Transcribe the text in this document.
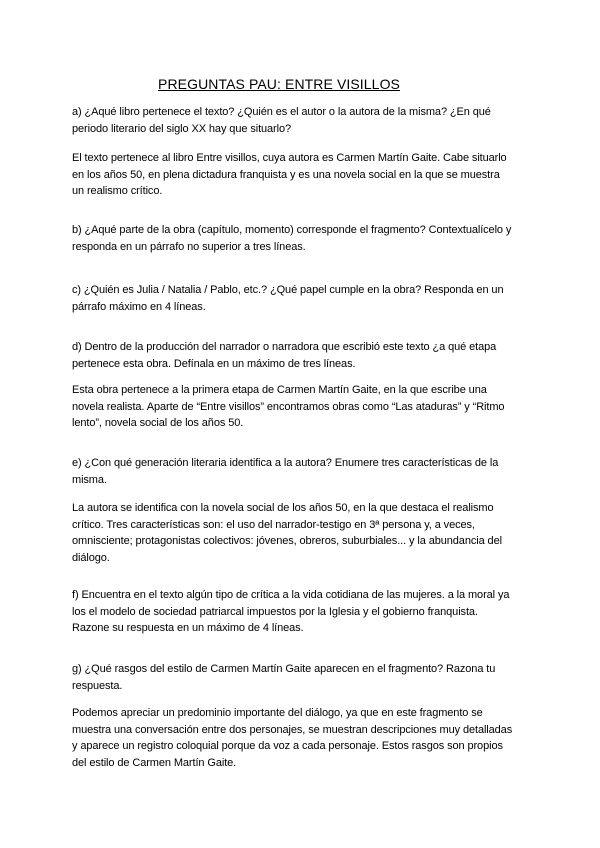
PREGUNTAS PAU: ENTRE VISILLOS
a) ¿Aqué libro pertenece el texto? ¿Quién es el autor o la autora de la misma? ¿En qué
periodo literario del siglo XX hay que situarlo?
El texto pertenece al libro Entre visillos, cuya autora es Carmen Martín Gaite. Cabe situarlo
en los años 50, en plena dictadura franquista y es una novela social en la que se muestra
un realismo crítico.
b) ¿Aqué parte de la obra (capítulo, momento) corresponde el fragmento? Contextualícelo y
responda en un párrafo no superior a tres líneas.
c) ¿Quién es Julia / Natalia / Pablo, etc.? ¿Qué papel cumple en la obra? Responda en un
párrafo máximo en 4 líneas.
d) Dentro de la producción del narrador o narradora que escribió este texto ¿a qué etapa
pertenece esta obra. Defínala en un máximo de tres líneas.
Esta obra pertenece a la primera etapa de Carmen Martín Gaite, en la que escribe una
novela realista. Aparte de “Entre visillos” encontramos obras como “Las ataduras” y “Ritmo
lento”, novela social de los años 50.
e) ¿Con qué generación literaria identifica a la autora? Enumere tres características de la
misma.
La autora se identifica con la novela social de los años 50, en la que destaca el realismo
crítico. Tres características son: el uso del narrador-testigo en 3ª persona y, a veces,
omnisciente; protagonistas colectivos: jóvenes, obreros, suburbiales... y la abundancia del
diálogo.
f) Encuentra en el texto algún tipo de crítica a la vida cotidiana de las mujeres. a la moral ya
los el modelo de sociedad patriarcal impuestos por la Iglesia y el gobierno franquista.
Razone su respuesta en un máximo de 4 líneas.
g) ¿Qué rasgos del estilo de Carmen Martín Gaite aparecen en el fragmento? Razona tu
respuesta.
Podemos apreciar un predominio importante del diálogo, ya que en este fragmento se
muestra una conversación entre dos personajes, se muestran descripciones muy detalladas
y aparece un registro coloquial porque da voz a cada personaje. Estos rasgos son propios
del estilo de Carmen Martín Gaite.
